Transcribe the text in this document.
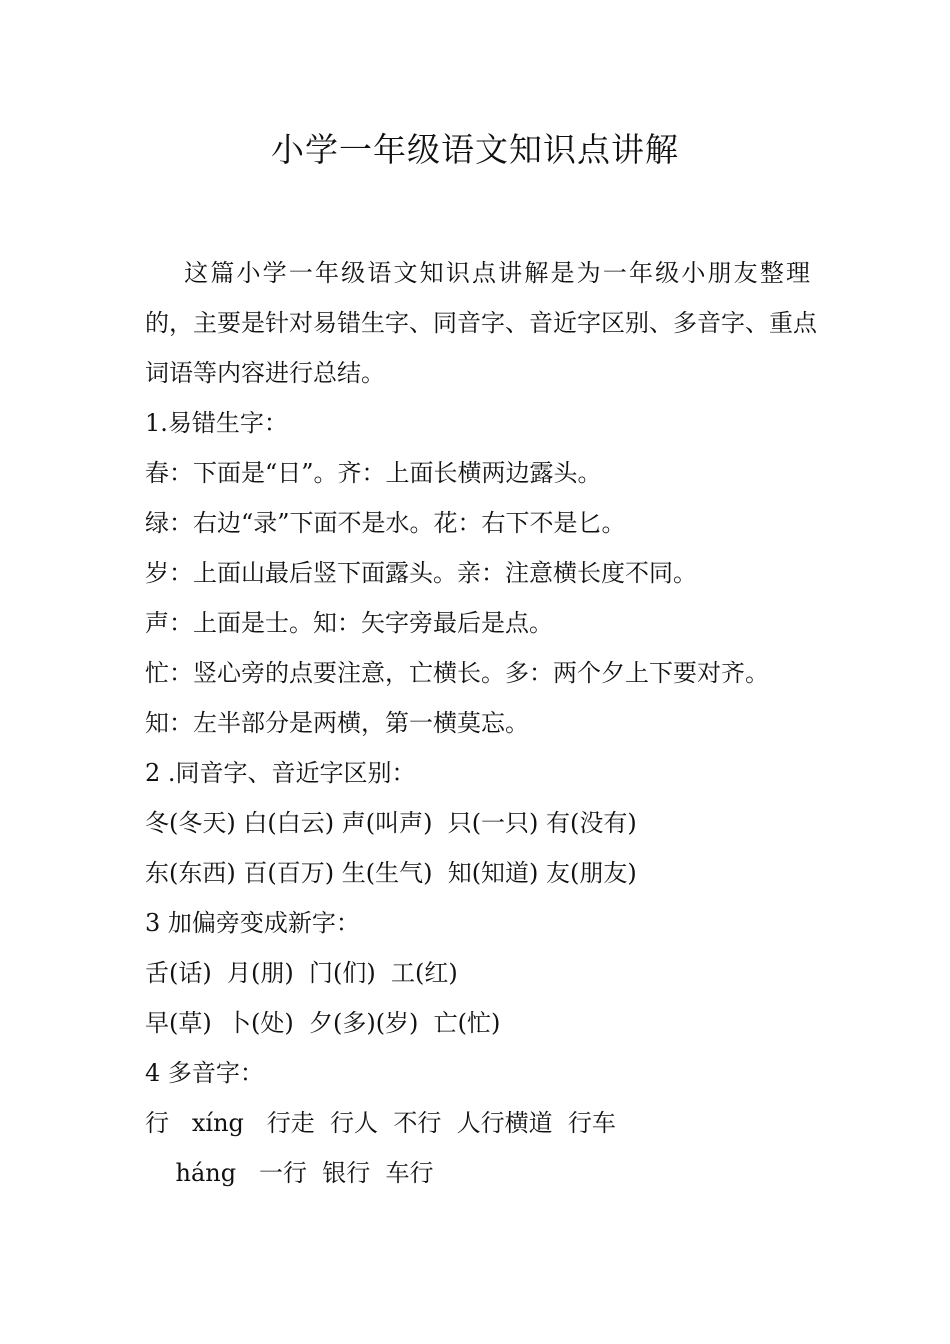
小学一年级语文知识点讲解
这篇小学一年级语文知识点讲解是为一年级小朋友整理
的，主要是针对易错生字、同音字、音近字区别、多音字、重点
词语等内容进行总结。
1.易错生字：
春：下面是“日”。齐：上面长横两边露头。
绿：右边“录”下面不是水。花：右下不是匕。
岁：上面山最后竖下面露头。亲：注意横长度不同。
声：上面是士。知：矢字旁最后是点。
忙：竖心旁的点要注意，亡横长。多：两个夕上下要对齐。
知：左半部分是两横，第一横莫忘。
2 .同音字、音近字区别：
冬(冬天) 白(白云) 声(叫声)  只(一只) 有(没有)
东(东西) 百(百万) 生(生气)  知(知道) 友(朋友)
3 加偏旁变成新字：
舌(话)  月(朋)  门(们)  工(红)
早(草)  卜(处)  夕(多)(岁)  亡(忙)
4 多音字：
行   xíng   行走  行人  不行  人行横道  行车
háng   一行  银行  车行
